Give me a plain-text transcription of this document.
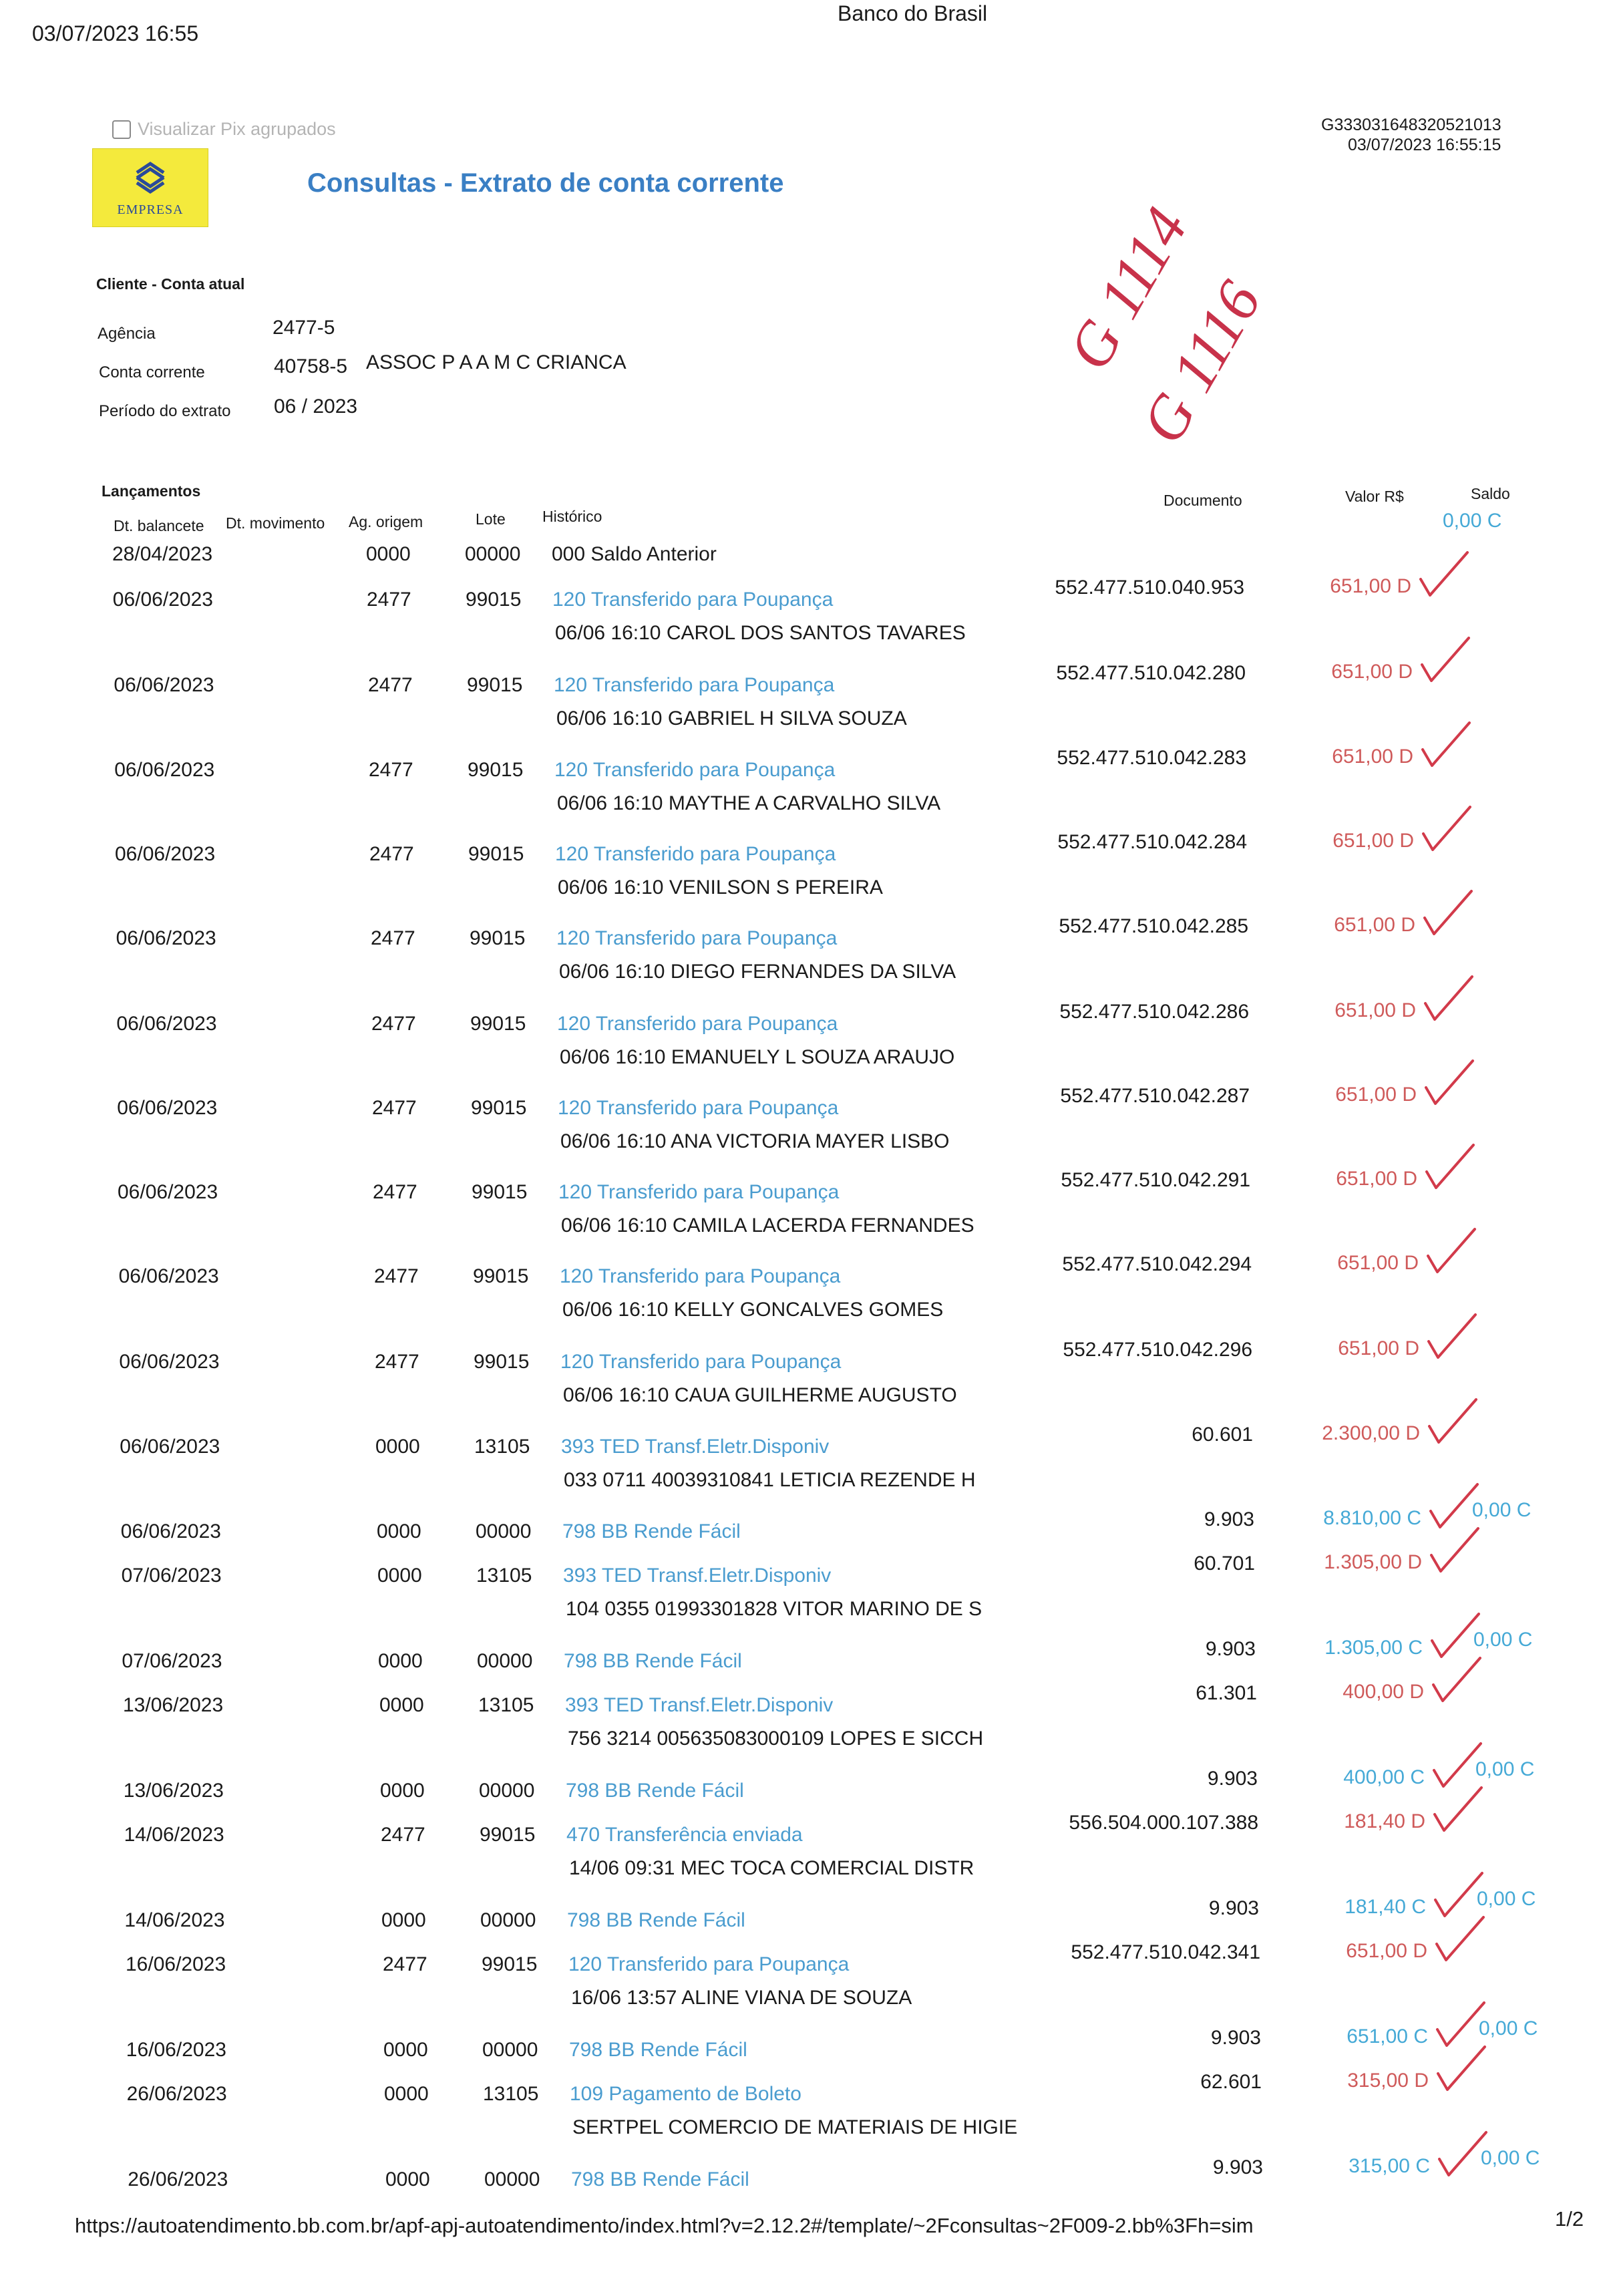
03/07/2023 16:55
Banco do Brasil
G333031648320521013
03/07/2023 16:55:15
Visualizar Pix agrupados
EMPRESA
Consultas - Extrato de conta corrente
Cliente - Conta atual
Agência	2477-5
Conta corrente	40758-5 ASSOC P A A M C CRIANCA
Período do extrato 06 / 2023
G 1114
G 1116
Lançamentos
Dt. balancete Dt. movimento Ag. origem	Lote Histórico
Documento	Valor R$	Saldo
28/04/2023	0000	00000 000 Saldo Anterior
0,00 C
06/06/2023	2477	99015 120 Transferido para Poupança
552.477.510.040.953	651,00 D
06/06 16:10 CAROL DOS SANTOS TAVARES
06/06/2023	2477	99015 120 Transferido para Poupança
552.477.510.042.280	651,00 D
06/06 16:10 GABRIEL H SILVA SOUZA
06/06/2023	2477	99015 120 Transferido para Poupança
552.477.510.042.283	651,00 D
06/06 16:10 MAYTHE A CARVALHO SILVA
06/06/2023	2477	99015 120 Transferido para Poupança
552.477.510.042.284	651,00 D
06/06 16:10 VENILSON S PEREIRA
06/06/2023	2477	99015 120 Transferido para Poupança
552.477.510.042.285	651,00 D
06/06 16:10 DIEGO FERNANDES DA SILVA
06/06/2023	2477	99015 120 Transferido para Poupança
552.477.510.042.286	651,00 D
06/06 16:10 EMANUELY L SOUZA ARAUJO
06/06/2023	2477	99015 120 Transferido para Poupança
552.477.510.042.287	651,00 D
06/06 16:10 ANA VICTORIA MAYER LISBO
06/06/2023	2477	99015 120 Transferido para Poupança
552.477.510.042.291	651,00 D
06/06 16:10 CAMILA LACERDA FERNANDES
06/06/2023	2477	99015 120 Transferido para Poupança
552.477.510.042.294	651,00 D
06/06 16:10 KELLY GONCALVES GOMES
06/06/2023	2477	99015 120 Transferido para Poupança
552.477.510.042.296	651,00 D
06/06 16:10 CAUA GUILHERME AUGUSTO
06/06/2023	0000	13105 393 TED Transf.Eletr.Disponiv
60.601	2.300,00 D
033 0711 40039310841 LETICIA REZENDE H
06/06/2023	0000	00000 798 BB Rende Fácil
9.903	8.810,00 C	0,00 C
07/06/2023	0000	13105 393 TED Transf.Eletr.Disponiv
60.701	1.305,00 D
104 0355 01993301828 VITOR MARINO DE S
07/06/2023	0000	00000 798 BB Rende Fácil
9.903	1.305,00 C	0,00 C
13/06/2023	0000	13105 393 TED Transf.Eletr.Disponiv
61.301	400,00 D
756 3214 005635083000109 LOPES E SICCH
13/06/2023	0000	00000 798 BB Rende Fácil
9.903	400,00 C	0,00 C
14/06/2023	2477	99015 470 Transferência enviada
556.504.000.107.388	181,40 D
14/06 09:31 MEC TOCA COMERCIAL DISTR
14/06/2023	0000	00000 798 BB Rende Fácil
9.903	181,40 C	0,00 C
16/06/2023	2477	99015 120 Transferido para Poupança
552.477.510.042.341	651,00 D
16/06 13:57 ALINE VIANA DE SOUZA
16/06/2023	0000	00000 798 BB Rende Fácil
9.903	651,00 C	0,00 C
26/06/2023	0000	13105 109 Pagamento de Boleto
62.601	315,00 D
SERTPEL COMERCIO DE MATERIAIS DE HIGIE
26/06/2023	0000	00000 798 BB Rende Fácil
9.903	315,00 C	0,00 C
https://autoatendimento.bb.com.br/apf-apj-autoatendimento/index.html?v=2.12.2#/template/~2Fconsultas~2F009-2.bb%3Fh=sim	1/2
